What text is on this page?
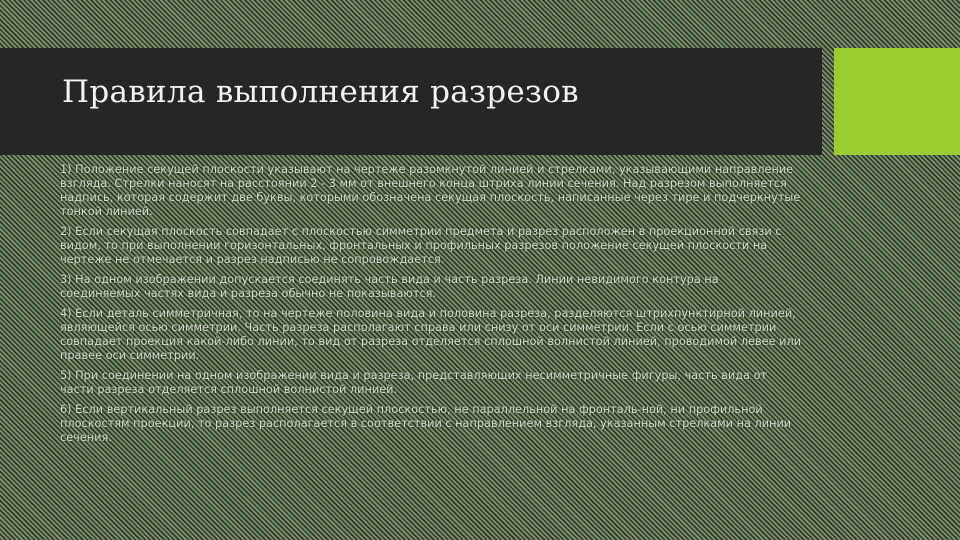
Правила выполнения разрезов

1) Положение секущей плоскости указывают на чертеже разомкнутой линией и стрелками, указывающими направление взгляда. Стрелки наносят на расстоянии 2 - 3 мм от внешнего конца штриха линии сечения. Над разрезом выполняется надпись, которая содержит две буквы, которыми обозначена секущая плоскость, написанные через тире и подчеркнутые тонкой линией.

2) Если секущая плоскость совпадает с плоскостью симметрии предмета и разрез расположен в проекционной связи с видом, то при выполнении горизонтальных, фронтальных и профильных разрезов положение секущей плоскости на чертеже не отмечается и разрез надписью не сопровождается.

3) На одном изображении допускается соединять часть вида и часть разреза. Линии невидимого контура на соединяемых частях вида и разреза обычно не показываются.

4) Если деталь симметричная, то на чертеже половина вида и половина разреза, разделяются штрихпунктирной линией, являющейся осью симметрии. Часть разреза располагают справа или снизу от оси симметрии. Если с осью симметрии совпадает проекция какой-либо линии, то вид от разреза отделяется сплошной волнистой линией, проводимой левее или правее оси симметрии.

5) При соединении на одном изображении вида и разреза, представляющих несимметричные фигуры, часть вида от части разреза отделяется сплошной волнистой линией.

6) Если вертикальный разрез выполняется секущей плоскостью, не параллельной на фронталь-ной, ни профильной плоскостям проекции, то разрез располагается в соответствии с направлением взгляда, указанным стрелками на линии сечения.
